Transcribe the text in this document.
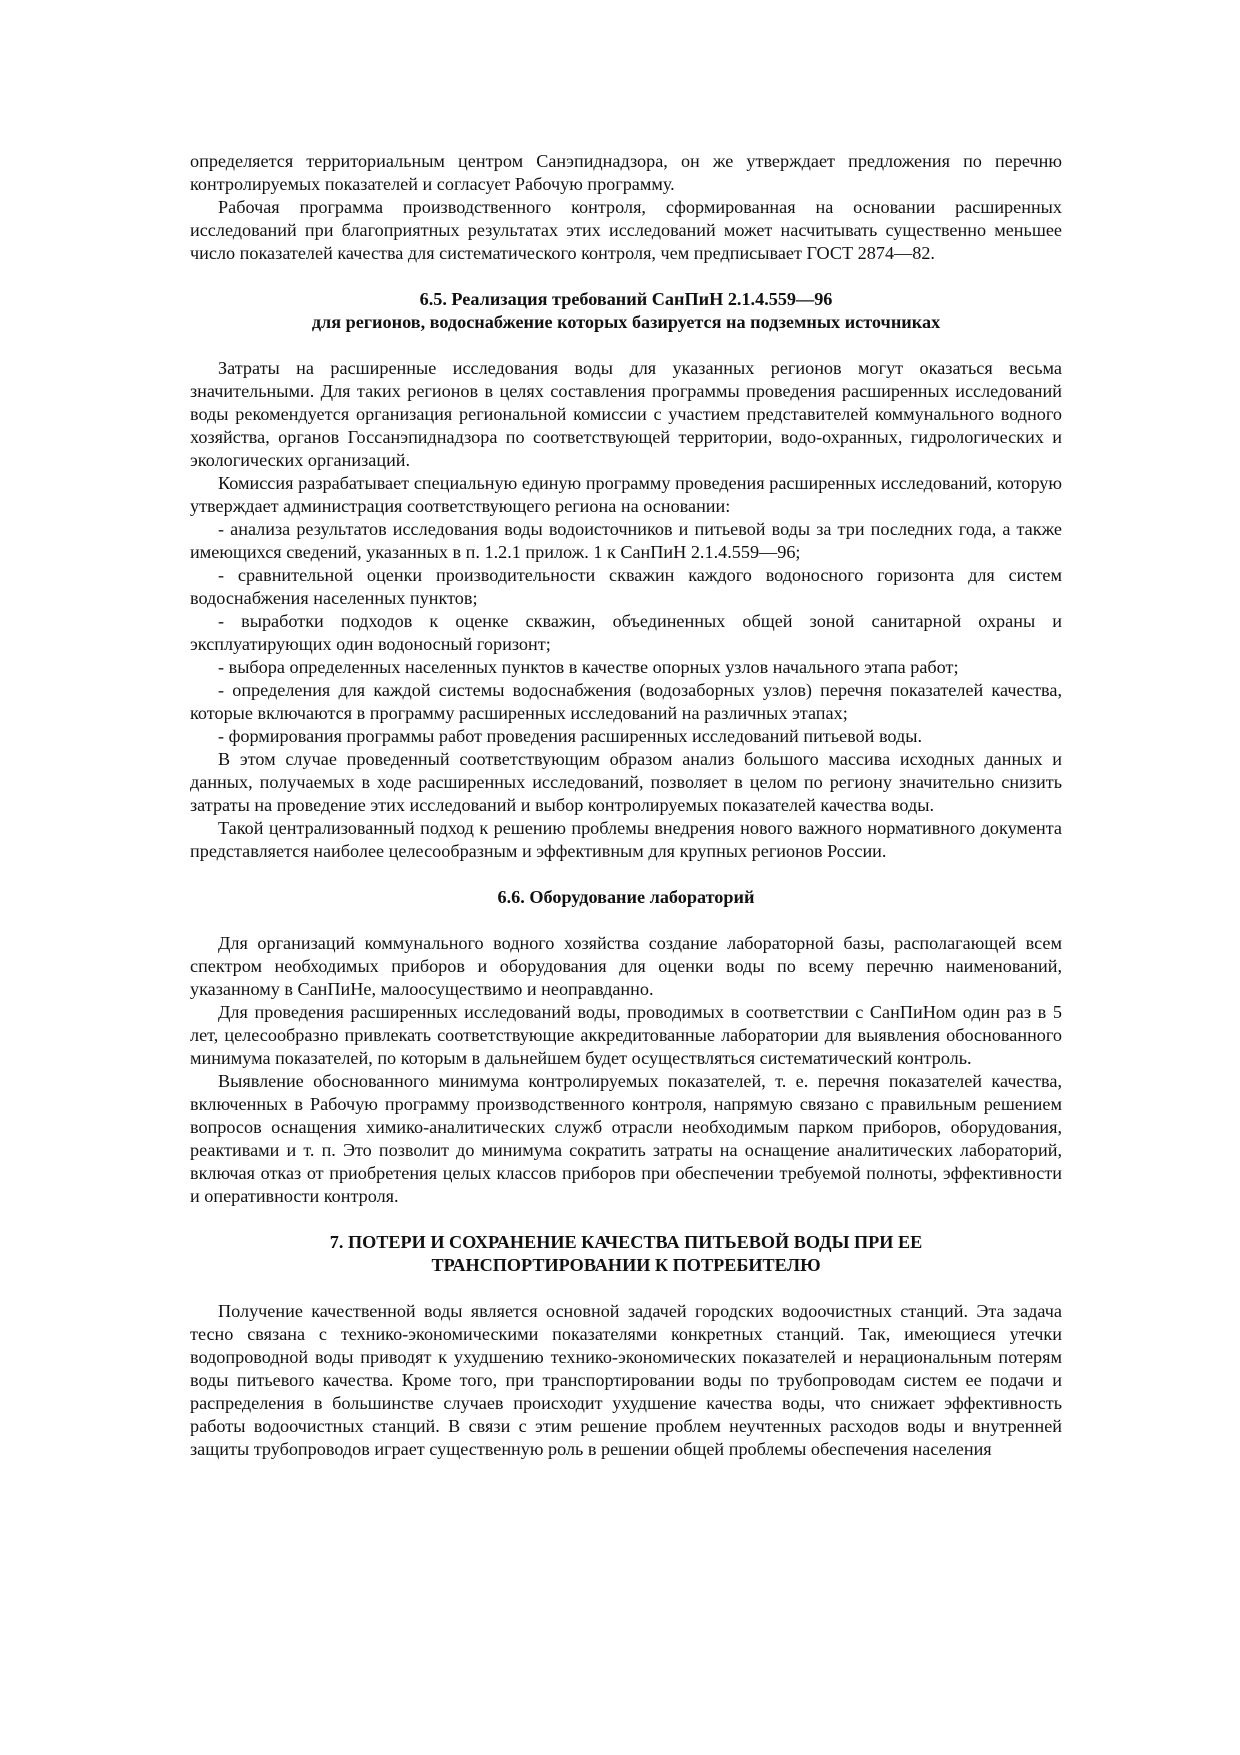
определяется территориальным центром Санэпиднадзора, он же утверждает предложения по перечню контролируемых показателей и согласует Рабочую программу.

Рабочая программа производственного контроля, сформированная на основании расширенных исследований при благоприятных результатах этих исследований может насчитывать существенно меньшее число показателей качества для систематического контроля, чем предписывает ГОСТ 2874—82.

6.5. Реализация требований СанПиН 2.1.4.559—96
для регионов, водоснабжение которых базируется на подземных источниках

Затраты на расширенные исследования воды для указанных регионов могут оказаться весьма значительными. Для таких регионов в целях составления программы проведения расширенных исследований воды рекомендуется организация региональной комиссии с участием представителей коммунального водного хозяйства, органов Госсанэпиднадзора по соответствующей территории, водо-охранных, гидрологических и экологических организаций.

Комиссия разрабатывает специальную единую программу проведения расширенных исследований, которую утверждает администрация соответствующего региона на основании:

- анализа результатов исследования воды водоисточников и питьевой воды за три последних года, а также имеющихся сведений, указанных в п. 1.2.1 прилож. 1 к СанПиН 2.1.4.559—96;

- сравнительной оценки производительности скважин каждого водоносного горизонта для систем водоснабжения населенных пунктов;

- выработки подходов к оценке скважин, объединенных общей зоной санитарной охраны и эксплуатирующих один водоносный горизонт;

- выбора определенных населенных пунктов в качестве опорных узлов начального этапа работ;

- определения для каждой системы водоснабжения (водозаборных узлов) перечня показателей качества, которые включаются в программу расширенных исследований на различных этапах;

- формирования программы работ проведения расширенных исследований питьевой воды.

В этом случае проведенный соответствующим образом анализ большого массива исходных данных и данных, получаемых в ходе расширенных исследований, позволяет в целом по региону значительно снизить затраты на проведение этих исследований и выбор контролируемых показателей качества воды.

Такой централизованный подход к решению проблемы внедрения нового важного нормативного документа представляется наиболее целесообразным и эффективным для крупных регионов России.

6.6. Оборудование лабораторий

Для организаций коммунального водного хозяйства создание лабораторной базы, располагающей всем спектром необходимых приборов и оборудования для оценки воды по всему перечню наименований, указанному в СанПиНе, малоосуществимо и неоправданно.

Для проведения расширенных исследований воды, проводимых в соответствии с СанПиНом один раз в 5 лет, целесообразно привлекать соответствующие аккредитованные лаборатории для выявления обоснованного минимума показателей, по которым в дальнейшем будет осуществляться систематический контроль.

Выявление обоснованного минимума контролируемых показателей, т. е. перечня показателей качества, включенных в Рабочую программу производственного контроля, напрямую связано с правильным решением вопросов оснащения химико-аналитических служб отрасли необходимым парком приборов, оборудования, реактивами и т. п. Это позволит до минимума сократить затраты на оснащение аналитических лабораторий, включая отказ от приобретения целых классов приборов при обеспечении требуемой полноты, эффективности и оперативности контроля.

7. ПОТЕРИ И СОХРАНЕНИЕ КАЧЕСТВА ПИТЬЕВОЙ ВОДЫ ПРИ ЕЕ
ТРАНСПОРТИРОВАНИИ К ПОТРЕБИТЕЛЮ

Получение качественной воды является основной задачей городских водоочистных станций. Эта задача тесно связана с технико-экономическими показателями конкретных станций. Так, имеющиеся утечки водопроводной воды приводят к ухудшению технико-экономических показателей и нерациональным потерям воды питьевого качества. Кроме того, при транспортировании воды по трубопроводам систем ее подачи и распределения в большинстве случаев происходит ухудшение качества воды, что снижает эффективность работы водоочистных станций. В связи с этим решение проблем неучтенных расходов воды и внутренней защиты трубопроводов играет существенную роль в решении общей проблемы обеспечения населения
